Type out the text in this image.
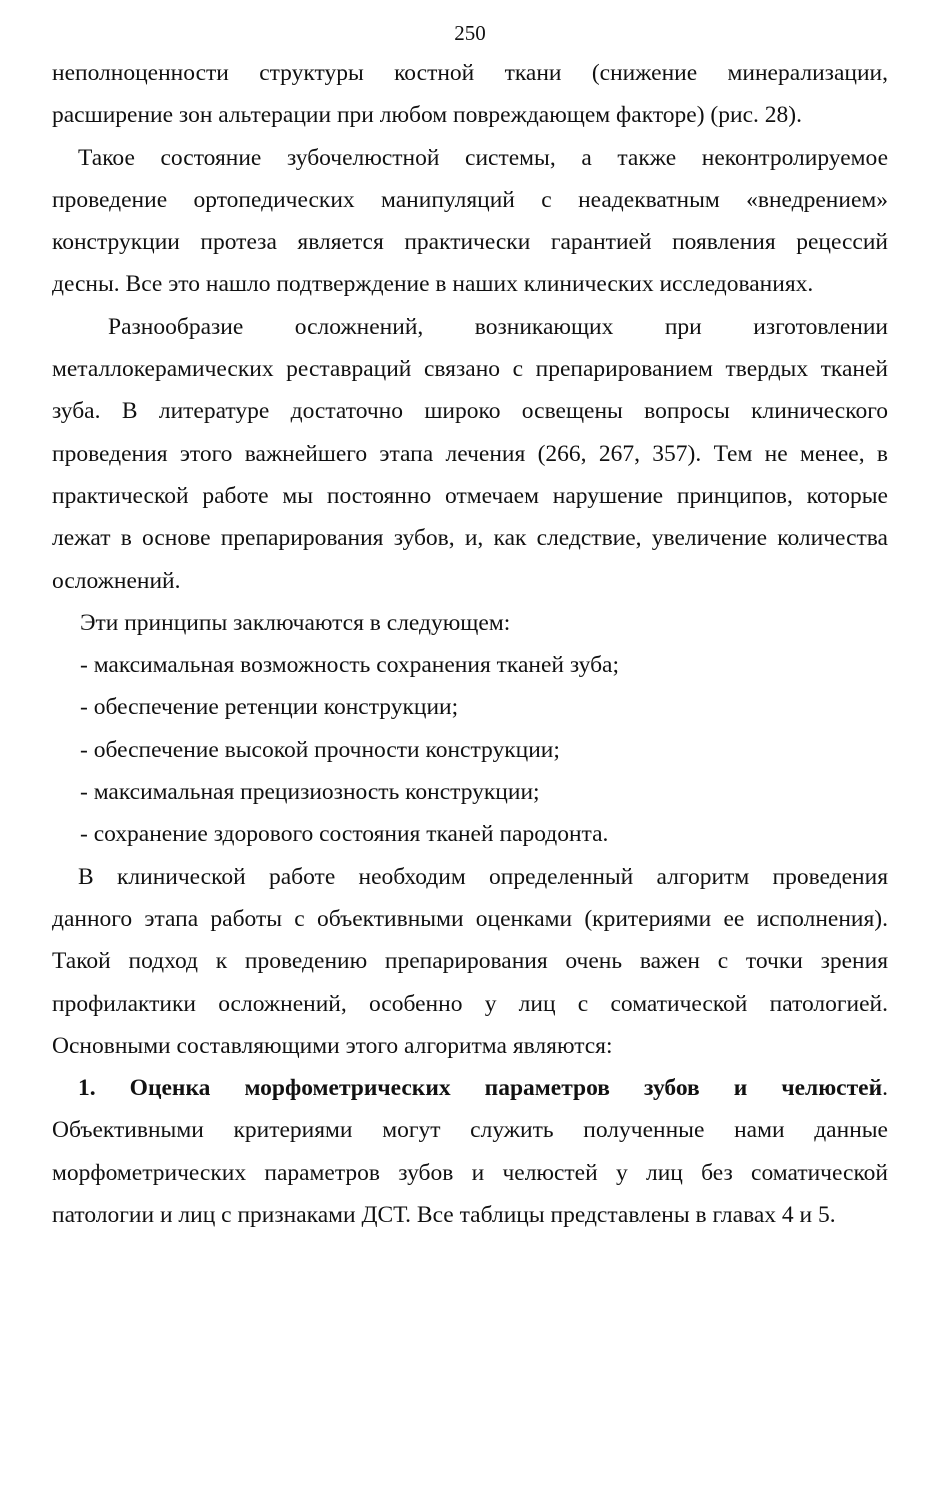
250
неполноценности структуры костной ткани (снижение минерализации,
расширение зон альтерации при любом повреждающем факторе) (рис. 28).
Такое состояние зубочелюстной системы, а также неконтролируемое
проведение ортопедических манипуляций с неадекватным «внедрением»
конструкции протеза является практически гарантией появления рецессий
десны. Все это нашло подтверждение в наших клинических исследованиях.
Разнообразие осложнений, возникающих при изготовлении
металлокерамических реставраций связано с препарированием твердых тканей
зуба. В литературе достаточно широко освещены вопросы клинического
проведения этого важнейшего этапа лечения (266, 267, 357). Тем не менее, в
практической работе мы постоянно отмечаем нарушение принципов, которые
лежат в основе препарирования зубов, и, как следствие, увеличение количества
осложнений.
Эти принципы заключаются в следующем:
- максимальная возможность сохранения тканей зуба;
- обеспечение ретенции конструкции;
- обеспечение высокой прочности конструкции;
- максимальная прецизиозность конструкции;
- сохранение здорового состояния тканей пародонта.
В клинической работе необходим определенный алгоритм проведения
данного этапа работы с объективными оценками (критериями ее исполнения).
Такой подход к проведению препарирования очень важен с точки зрения
профилактики осложнений, особенно у лиц с соматической патологией.
Основными составляющими этого алгоритма являются:
1. Оценка морфометрических параметров зубов и челюстей.
Объективными критериями могут служить полученные нами данные
морфометрических параметров зубов и челюстей у лиц без соматической
патологии и лиц с признаками ДСТ. Все таблицы представлены в главах 4 и 5.
